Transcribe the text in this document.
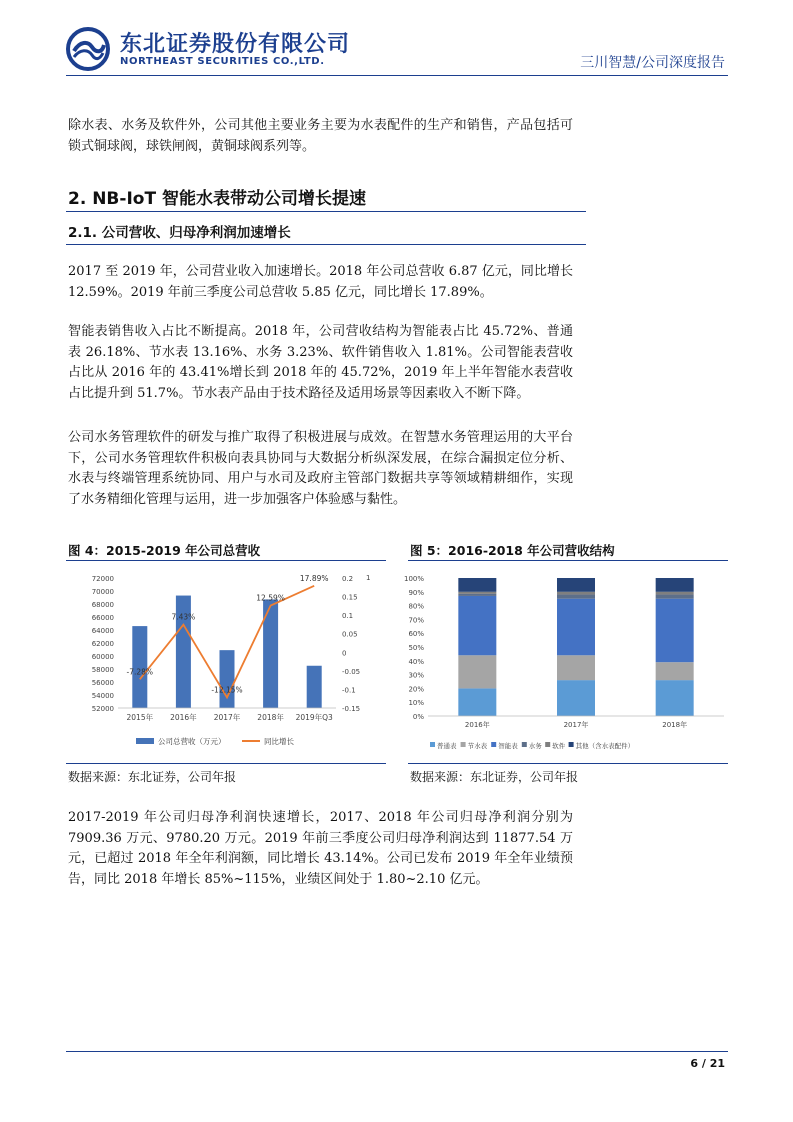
东北证券股份有限公司
NORTHEAST SECURITIES CO.,LTD.	三川智慧/公司深度报告
除水表、水务及软件外，公司其他主要业务主要为水表配件的生产和销售，产品包括可锁式铜球阀，球铁闸阀，黄铜球阀系列等。
2. NB-IoT 智能水表带动公司增长提速
2.1. 公司营收、归母净利润加速增长
2017 至 2019 年，公司营业收入加速增长。2018 年公司总营收 6.87 亿元，同比增长 12.59%。2019 年前三季度公司总营收 5.85 亿元，同比增长 17.89%。
智能表销售收入占比不断提高。2018 年，公司营收结构为智能表占比 45.72%、普通表 26.18%、节水表 13.16%、水务 3.23%、软件销售收入 1.81%。公司智能表营收占比从 2016 年的 43.41%增长到 2018 年的 45.72%，2019 年上半年智能水表营收占比提升到 51.7%。节水表产品由于技术路径及适用场景等因素收入不断下降。
公司水务管理软件的研发与推广取得了积极进展与成效。在智慧水务管理运用的大平台下，公司水务管理软件积极向表具协同与大数据分析纵深发展，在综合漏损定位分析、水表与终端管理系统协同、用户与水司及政府主管部门数据共享等领域精耕细作，实现了水务精细化管理与运用，进一步加强客户体验感与黏性。
图 4：2015-2019 年公司总营收
52000
54000
56000
58000
60000
62000
64000
66000
68000
70000
72000
-0.15
-0.1
-0.05
0
0.05
0.1
0.15
0.2 1
2015年 2016年 2017年 2018年 2019年Q3
-7.28%
7.43%
-12.15%
12.59%
17.89%
公司总营收（万元）	同比增长
数据来源：东北证券，公司年报
图 5：2016-2018 年公司营收结构
0%
10%
20%
30%
40%
50%
60%
70%
80%
90%
100%
2016年	2017年	2018年
普通表 节水表 智能表 水务 软件 其他（含水表配件）
数据来源：东北证券，公司年报
2017-2019 年公司归母净利润快速增长，2017、2018 年公司归母净利润分别为 7909.36 万元、9780.20 万元。2019 年前三季度公司归母净利润达到 11877.54 万元，已超过 2018 年全年利润额，同比增长 43.14%。公司已发布 2019 年全年业绩预告，同比 2018 年增长 85%~115%，业绩区间处于 1.80~2.10 亿元。
6 / 21
